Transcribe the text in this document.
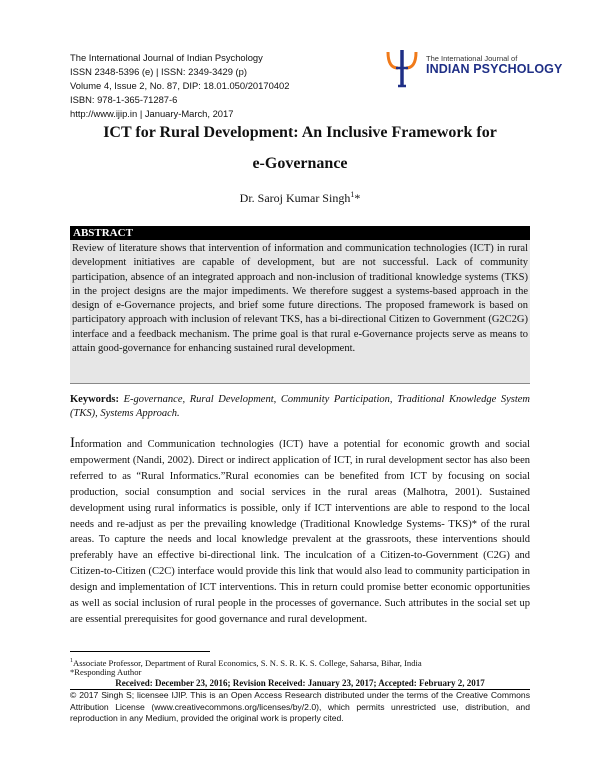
The International Journal of Indian Psychology
ISSN 2348-5396 (e) | ISSN: 2349-3429 (p)
Volume 4, Issue 2, No. 87, DIP: 18.01.050/20170402
ISBN: 978-1-365-71287-6
http://www.ijip.in | January-March, 2017
The International Journal of
INDIAN PSYCHOLOGY
ICT for Rural Development: An Inclusive Framework for
e-Governance
Dr. Saroj Kumar Singh$^1$*
ABSTRACT
Review of literature shows that intervention of information and communication technologies (ICT) in rural development initiatives are capable of development, but are not successful. Lack of community participation, absence of an integrated approach and non-inclusion of traditional knowledge systems (TKS) in the project designs are the major impediments. We therefore suggest a systems-based approach in the design of e-Governance projects, and brief some future directions. The proposed framework is based on participatory approach with inclusion of relevant TKS, has a bi-directional Citizen to Government (G2C2G) interface and a feedback mechanism. The prime goal is that rural e-Governance projects serve as means to attain good-governance for enhancing sustained rural development.
Keywords: E-governance, Rural Development, Community Participation, Traditional Knowledge System (TKS), Systems Approach.
Information and Communication technologies (ICT) have a potential for economic growth and social empowerment (Nandi, 2002). Direct or indirect application of ICT, in rural development sector has also been referred to as “Rural Informatics.”Rural economies can be benefited from ICT by focusing on social production, social consumption and social services in the rural areas (Malhotra, 2001). Sustained development using rural informatics is possible, only if ICT interventions are able to respond to the local needs and re-adjust as per the prevailing knowledge (Traditional Knowledge Systems- TKS)* of the rural areas. To capture the needs and local knowledge prevalent at the grassroots, these interventions should preferably have an effective bi-directional link. The inculcation of a Citizen-to-Government (C2G) and Citizen-to-Citizen (C2C) interface would provide this link that would also lead to community participation in design and implementation of ICT interventions. This in return could promise better economic opportunities as well as social inclusion of rural people in the processes of governance. Such attributes in the social set up are essential prerequisites for good governance and rural development.
$^1$Associate Professor, Department of Rural Economics, S. N. S. R. K. S. College, Saharsa, Bihar, India
*Responding Author
Received: December 23, 2016; Revision Received: January 23, 2017; Accepted: February 2, 2017
© 2017 Singh S; licensee IJIP. This is an Open Access Research distributed under the terms of the Creative Commons Attribution License (www.creativecommons.org/licenses/by/2.0), which permits unrestricted use, distribution, and reproduction in any Medium, provided the original work is properly cited.
